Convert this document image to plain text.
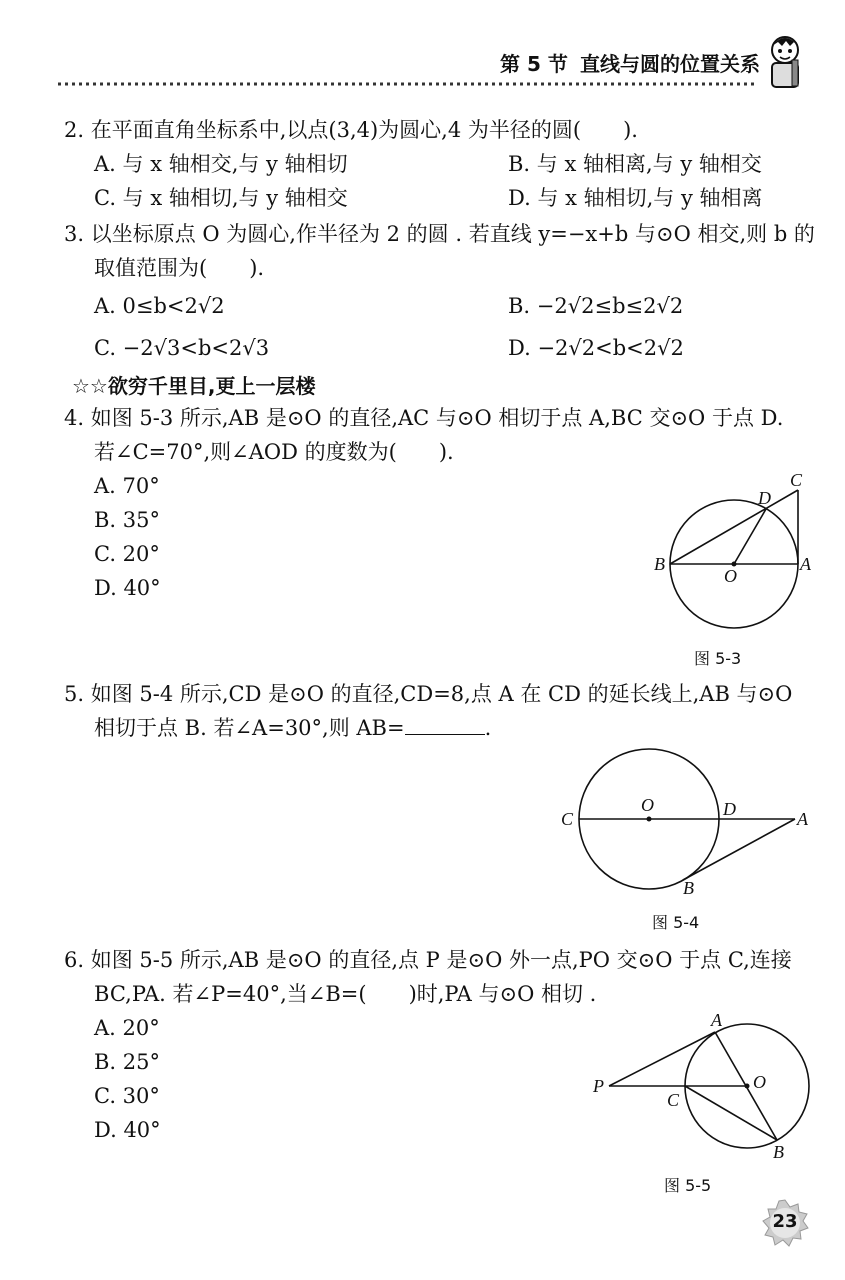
第 5 节 直线与圆的位置关系
2. 在平面直角坐标系中,以点(3,4)为圆心,4 为半径的圆(　　).
A. 与 x 轴相交,与 y 轴相切	B. 与 x 轴相离,与 y 轴相交
C. 与 x 轴相切,与 y 轴相交	D. 与 x 轴相切,与 y 轴相离
3. 以坐标原点 O 为圆心,作半径为 2 的圆 . 若直线 y=−x+b 与⊙O 相交,则 b 的
取值范围为(　　).
A. 0≤b<2√2	B. −2√2≤b≤2√2
C. −2√3<b<2√3	D. −2√2<b<2√2
☆☆欲穷千里目,更上一层楼
4. 如图 5-3 所示,AB 是⊙O 的直径,AC 与⊙O 相切于点 A,BC 交⊙O 于点 D.
若∠C=70°,则∠AOD 的度数为(　　).
A. 70°
B. 35°
C. 20°
D. 40°
B
O
A
C
D
图 5-3
5. 如图 5-4 所示,CD 是⊙O 的直径,CD=8,点 A 在 CD 的延长线上,AB 与⊙O
相切于点 B. 若∠A=30°,则 AB=	.
C
O	D	A
B
图 5-4
6. 如图 5-5 所示,AB 是⊙O 的直径,点 P 是⊙O 外一点,PO 交⊙O 于点 C,连接
BC,PA. 若∠P=40°,当∠B=(　　)时,PA 与⊙O 相切 .
A. 20°
B. 25°
C. 30°
D. 40°
A
P	O
C
B
图 5-5
23
